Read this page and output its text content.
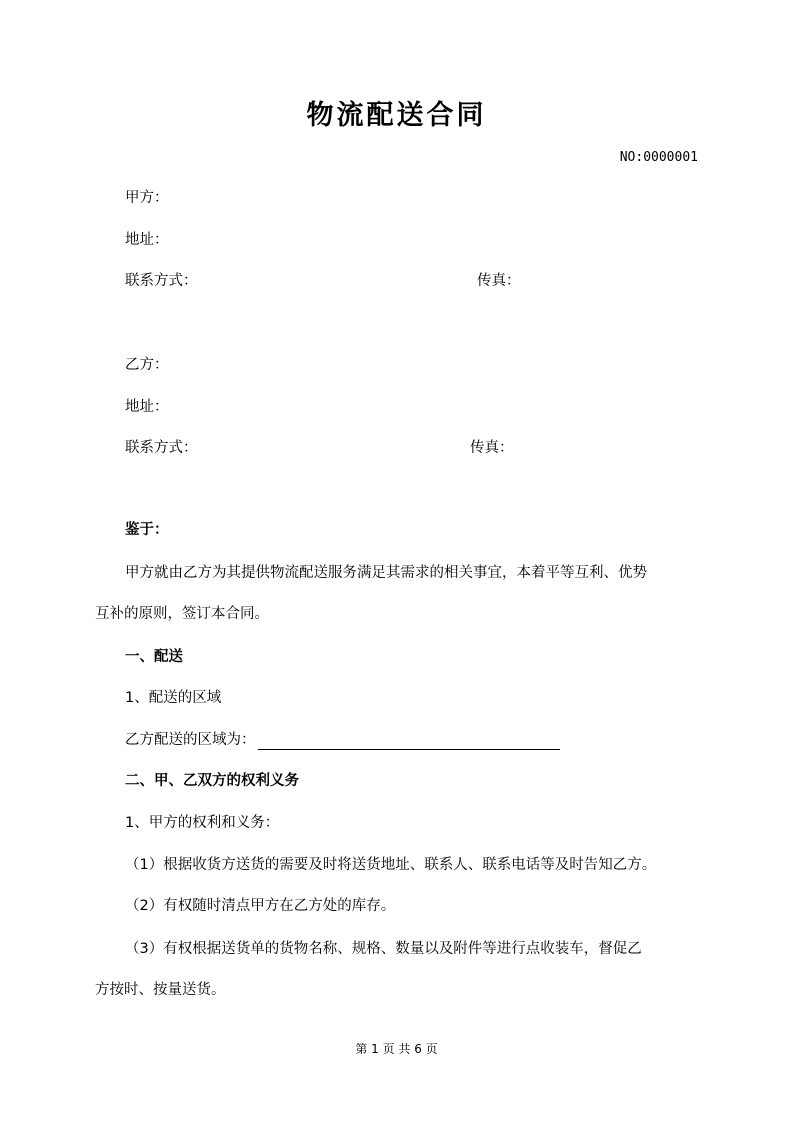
物流配送合同
NO:0000001
甲方：
地址：
联系方式：	传真：
乙方：
地址：
联系方式：	传真：
鉴于：
甲方就由乙方为其提供物流配送服务满足其需求的相关事宜，本着平等互利、优势
互补的原则，签订本合同。
一、配送
1、配送的区域
乙方配送的区域为：
二、甲、乙双方的权利义务
1、甲方的权利和义务：
（1）根据收货方送货的需要及时将送货地址、联系人、联系电话等及时告知乙方。
（2）有权随时清点甲方在乙方处的库存。
（3）有权根据送货单的货物名称、规格、数量以及附件等进行点收装车，督促乙
方按时、按量送货。
第 1 页 共 6 页
